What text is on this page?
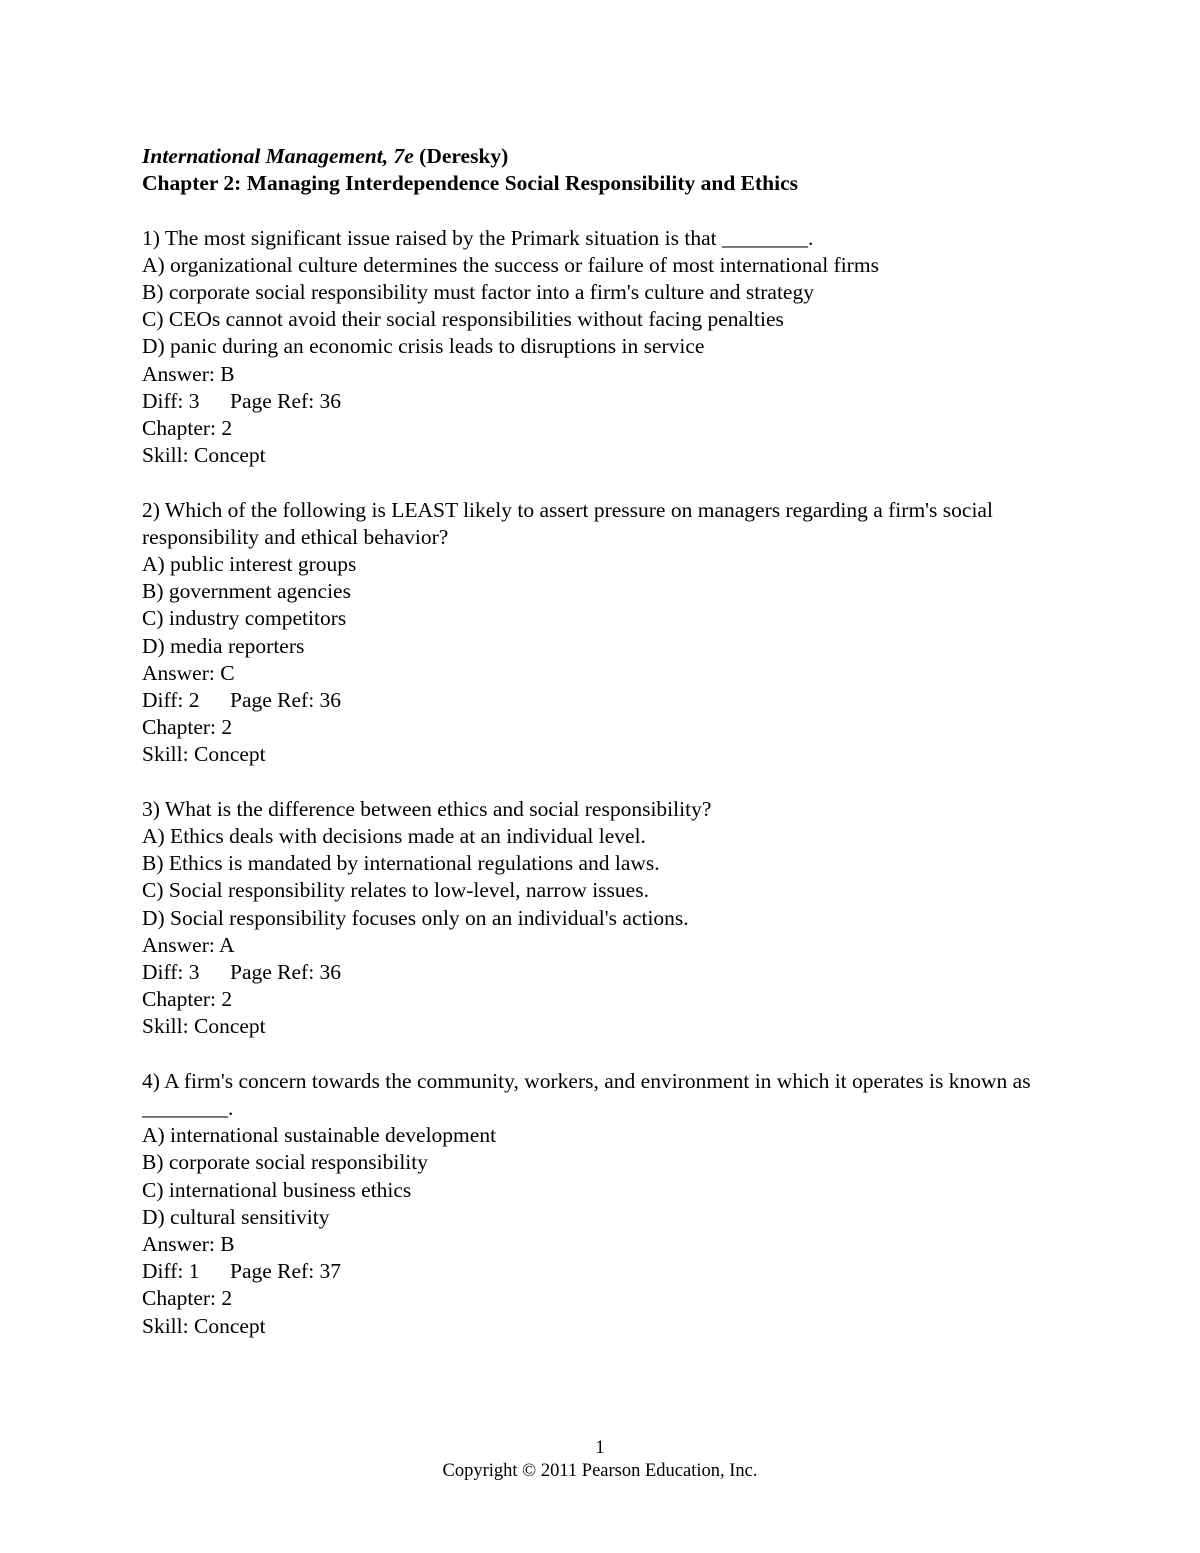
International Management, 7e (Deresky)
Chapter 2: Managing Interdependence Social Responsibility and Ethics
1) The most significant issue raised by the Primark situation is that ________.
A) organizational culture determines the success or failure of most international firms
B) corporate social responsibility must factor into a firm's culture and strategy
C) CEOs cannot avoid their social responsibilities without facing penalties
D) panic during an economic crisis leads to disruptions in service
Answer: B
Diff: 3 Page Ref: 36
Chapter: 2
Skill: Concept
2) Which of the following is LEAST likely to assert pressure on managers regarding a firm's social responsibility and ethical behavior?
A) public interest groups
B) government agencies
C) industry competitors
D) media reporters
Answer: C
Diff: 2 Page Ref: 36
Chapter: 2
Skill: Concept
3) What is the difference between ethics and social responsibility?
A) Ethics deals with decisions made at an individual level.
B) Ethics is mandated by international regulations and laws.
C) Social responsibility relates to low-level, narrow issues.
D) Social responsibility focuses only on an individual's actions.
Answer: A
Diff: 3 Page Ref: 36
Chapter: 2
Skill: Concept
4) A firm's concern towards the community, workers, and environment in which it operates is known as ________.
A) international sustainable development
B) corporate social responsibility
C) international business ethics
D) cultural sensitivity
Answer: B
Diff: 1 Page Ref: 37
Chapter: 2
Skill: Concept
1
Copyright © 2011 Pearson Education, Inc.
